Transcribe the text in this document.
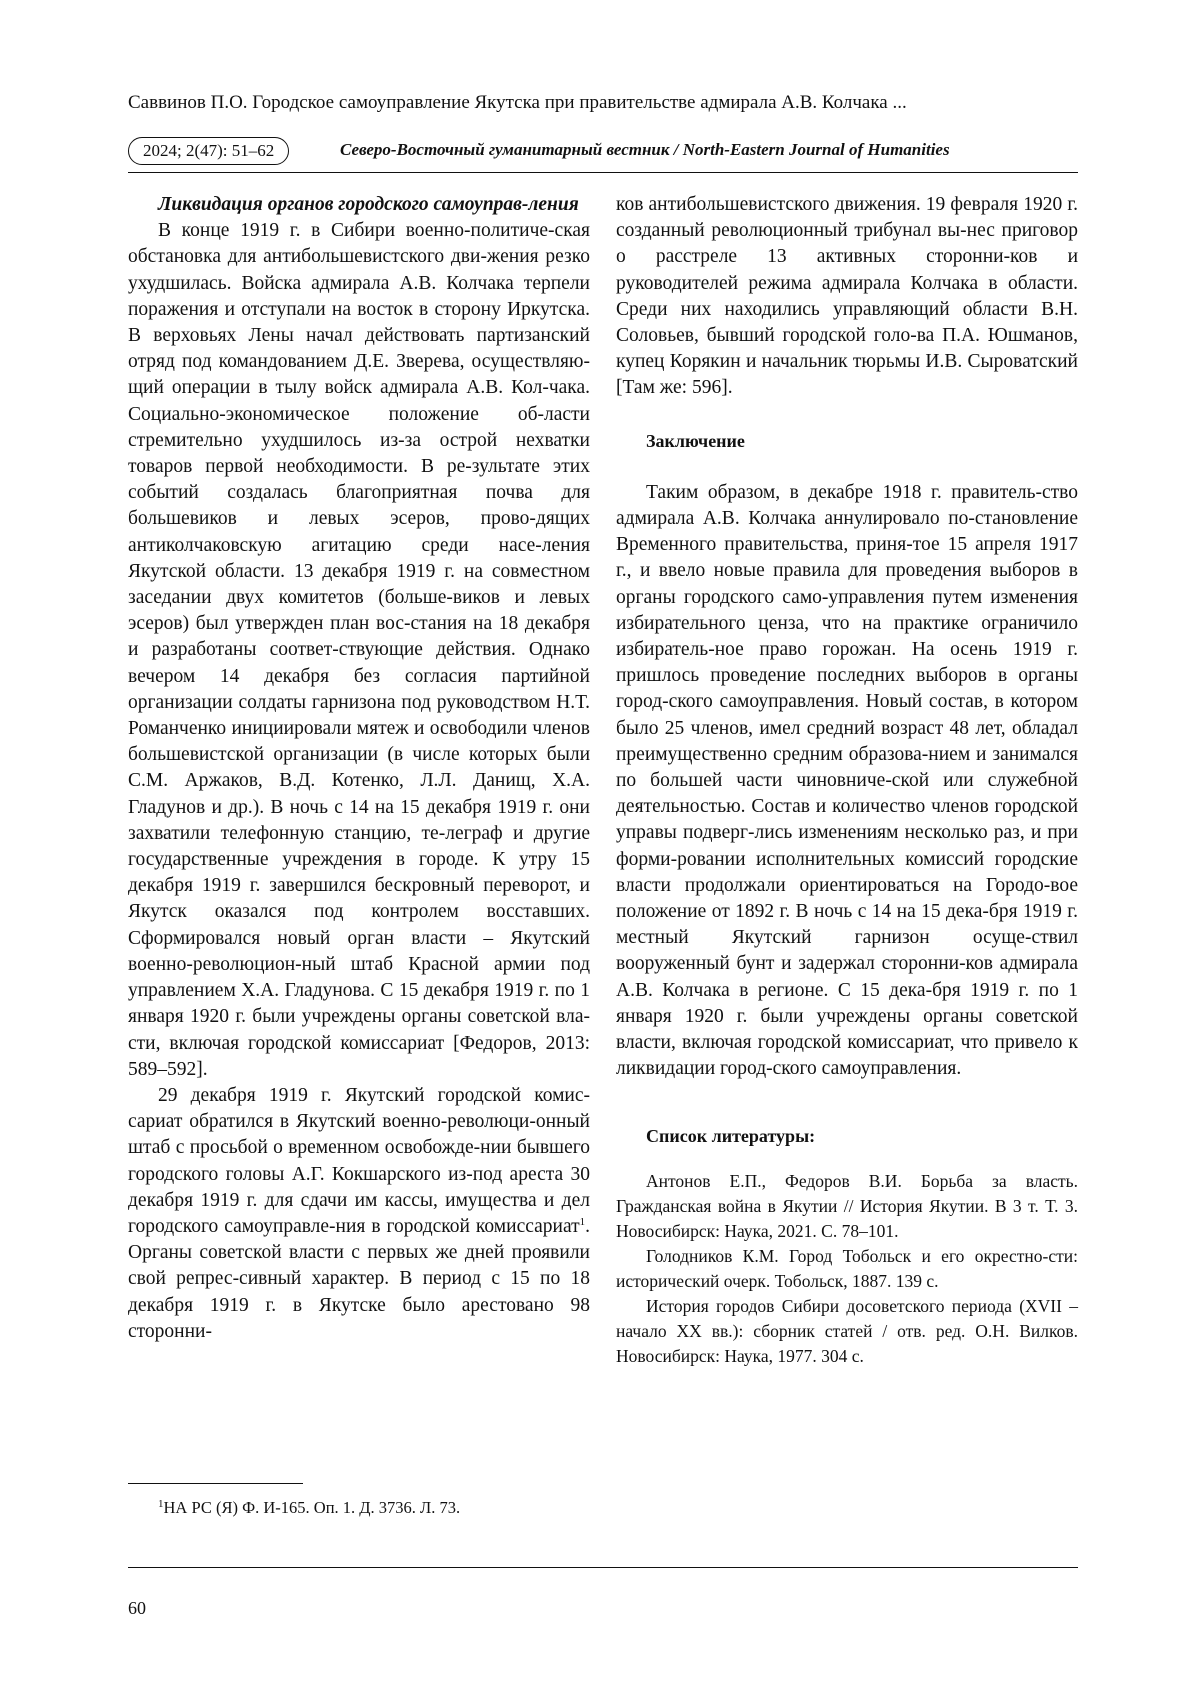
Саввинов П.О. Городское самоуправление Якутска при правительстве адмирала А.В. Колчака ...
2024; 2(47): 51–62	Северо-Восточный гуманитарный вестник / North-Eastern Journal of Humanities

Ликвидация органов городского самоуправ-ления

В конце 1919 г. в Сибири военно-политиче-ская обстановка для антибольшевистского дви-жения резко ухудшилась. Войска адмирала А.В. Колчака терпели поражения и отступали на восток в сторону Иркутска. В верховьях Лены начал действовать партизанский отряд под командованием Д.Е. Зверева, осуществляю-щий операции в тылу войск адмирала А.В. Кол-чака. Социально-экономическое положение об-ласти стремительно ухудшилось из-за острой нехватки товаров первой необходимости. В ре-зультате этих событий создалась благоприятная почва для большевиков и левых эсеров, прово-дящих антиколчаковскую агитацию среди насе-ления Якутской области. 13 декабря 1919 г. на совместном заседании двух комитетов (больше-виков и левых эсеров) был утвержден план вос-стания на 18 декабря и разработаны соответ-ствующие действия. Однако вечером 14 декабря без согласия партийной организации солдаты гарнизона под руководством Н.Т. Романченко инициировали мятеж и освободили членов большевистской организации (в числе которых были С.М. Аржаков, В.Д. Котенко, Л.Л. Данищ, Х.А. Гладунов и др.). В ночь с 14 на 15 декабря 1919 г. они захватили телефонную станцию, те-леграф и другие государственные учреждения в городе. К утру 15 декабря 1919 г. завершился бескровный переворот, и Якутск оказался под контролем восставших. Сформировался новый орган власти – Якутский военно-революцион-ный штаб Красной армии под управлением Х.А. Гладунова. С 15 декабря 1919 г. по 1 января 1920 г. были учреждены органы советской вла-сти, включая городской комиссариат [Федоров, 2013: 589–592].

29 декабря 1919 г. Якутский городской комис-сариат обратился в Якутский военно-революци-онный штаб с просьбой о временном освобожде-нии бывшего городского головы А.Г. Кокшарского из-под ареста 30 декабря 1919 г. для сдачи им кассы, имущества и дел городского самоуправле-ния в городской комиссариат$^1$. Органы советской власти с первых же дней проявили свой репрес-сивный характер. В период с 15 по 18 декабря 1919 г. в Якутске было арестовано 98 сторонни-

ков антибольшевистского движения. 19 февраля 1920 г. созданный революционный трибунал вы-нес приговор о расстреле 13 активных сторонни-ков и руководителей режима адмирала Колчака в области. Среди них находились управляющий области В.Н. Соловьев, бывший городской голо-ва П.А. Юшманов, купец Корякин и начальник тюрьмы И.В. Сыроватский [Там же: 596].

Заключение

Таким образом, в декабре 1918 г. правитель-ство адмирала А.В. Колчака аннулировало по-становление Временного правительства, приня-тое 15 апреля 1917 г., и ввело новые правила для проведения выборов в органы городского само-управления путем изменения избирательного ценза, что на практике ограничило избиратель-ное право горожан. На осень 1919 г. пришлось проведение последних выборов в органы город-ского самоуправления. Новый состав, в котором было 25 членов, имел средний возраст 48 лет, обладал преимущественно средним образова-нием и занимался по большей части чиновниче-ской или служебной деятельностью. Состав и количество членов городской управы подверг-лись изменениям несколько раз, и при форми-ровании исполнительных комиссий городские власти продолжали ориентироваться на Городо-вое положение от 1892 г. В ночь с 14 на 15 дека-бря 1919 г. местный Якутский гарнизон осуще-ствил вооруженный бунт и задержал сторонни-ков адмирала А.В. Колчака в регионе. С 15 дека-бря 1919 г. по 1 января 1920 г. были учреждены органы советской власти, включая городской комиссариат, что привело к ликвидации город-ского самоуправления.

Список литературы:

Антонов Е.П., Федоров В.И. Борьба за власть. Гражданская война в Якутии // История Якутии. В 3 т. Т. 3. Новосибирск: Наука, 2021. С. 78–101.

Голодников К.М. Город Тобольск и его окрестно-сти: исторический очерк. Тобольск, 1887. 139 с.

История городов Сибири досоветского периода (XVII – начало XX вв.): сборник статей / отв. ред. О.Н. Вилков. Новосибирск: Наука, 1977. 304 с.

$^1$НА РС (Я) Ф. И-165. Оп. 1. Д. 3736. Л. 73.
60
